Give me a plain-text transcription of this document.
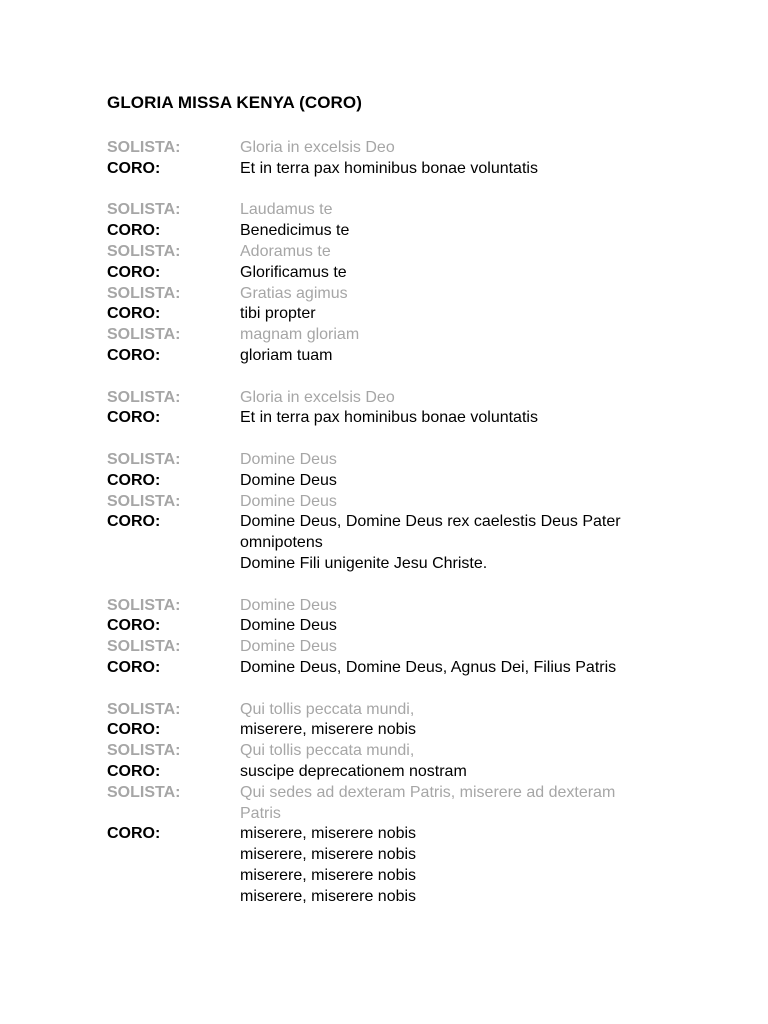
GLORIA MISSA KENYA (CORO)
SOLISTA:	Gloria in excelsis Deo
CORO:	Et in terra pax hominibus bonae voluntatis
SOLISTA:	Laudamus te
CORO:	Benedicimus te
SOLISTA:	Adoramus te
CORO:	Glorificamus te
SOLISTA:	Gratias agimus
CORO:	tibi propter
SOLISTA:	magnam gloriam
CORO:	gloriam tuam
SOLISTA:	Gloria in excelsis Deo
CORO:	Et in terra pax hominibus bonae voluntatis
SOLISTA:	Domine Deus
CORO:	Domine Deus
SOLISTA:	Domine Deus
CORO:	Domine Deus, Domine Deus rex caelestis Deus Pater
omnipotens
Domine Fili unigenite Jesu Christe.
SOLISTA:	Domine Deus
CORO:	Domine Deus
SOLISTA:	Domine Deus
CORO:	Domine Deus, Domine Deus, Agnus Dei, Filius Patris
SOLISTA:	Qui tollis peccata mundi,
CORO:	miserere, miserere nobis
SOLISTA:	Qui tollis peccata mundi,
CORO:	suscipe deprecationem nostram
SOLISTA:	Qui sedes ad dexteram Patris, miserere ad dexteram
Patris
CORO:	miserere, miserere nobis
miserere, miserere nobis
miserere, miserere nobis
miserere, miserere nobis
